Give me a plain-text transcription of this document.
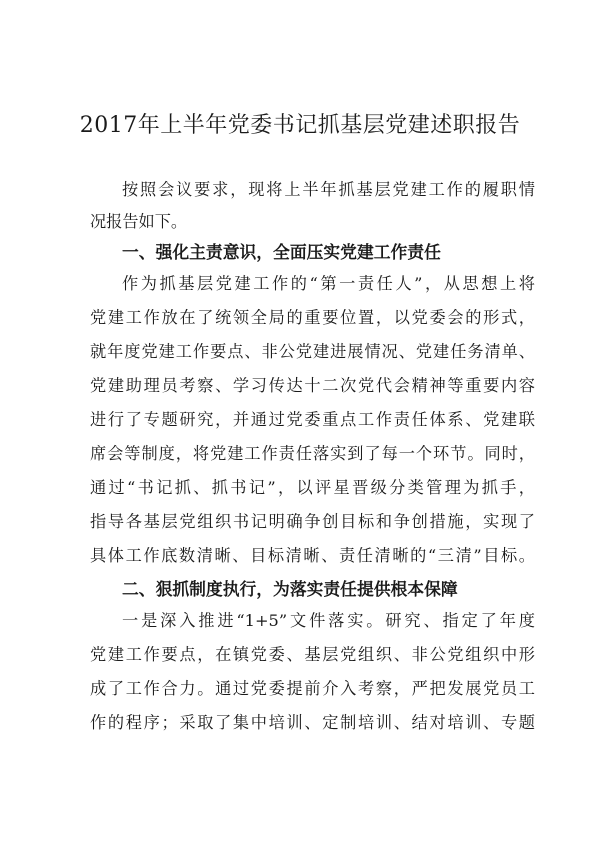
2017年上半年党委书记抓基层党建述职报告
按照会议要求，现将上半年抓基层党建工作的履职情
况报告如下。
一、强化主责意识，全面压实党建工作责任
作为抓基层党建工作的“第一责任人”，从思想上将
党建工作放在了统领全局的重要位置，以党委会的形式，
就年度党建工作要点、非公党建进展情况、党建任务清单、
党建助理员考察、学习传达十二次党代会精神等重要内容
进行了专题研究，并通过党委重点工作责任体系、党建联
席会等制度，将党建工作责任落实到了每一个环节。同时，
通过“书记抓、抓书记”，以评星晋级分类管理为抓手，
指导各基层党组织书记明确争创目标和争创措施，实现了
具体工作底数清晰、目标清晰、责任清晰的“三清”目标。
二、狠抓制度执行，为落实责任提供根本保障
一是深入推进“1+5”文件落实。研究、指定了年度
党建工作要点，在镇党委、基层党组织、非公党组织中形
成了工作合力。通过党委提前介入考察，严把发展党员工
作的程序；采取了集中培训、定制培训、结对培训、专题
